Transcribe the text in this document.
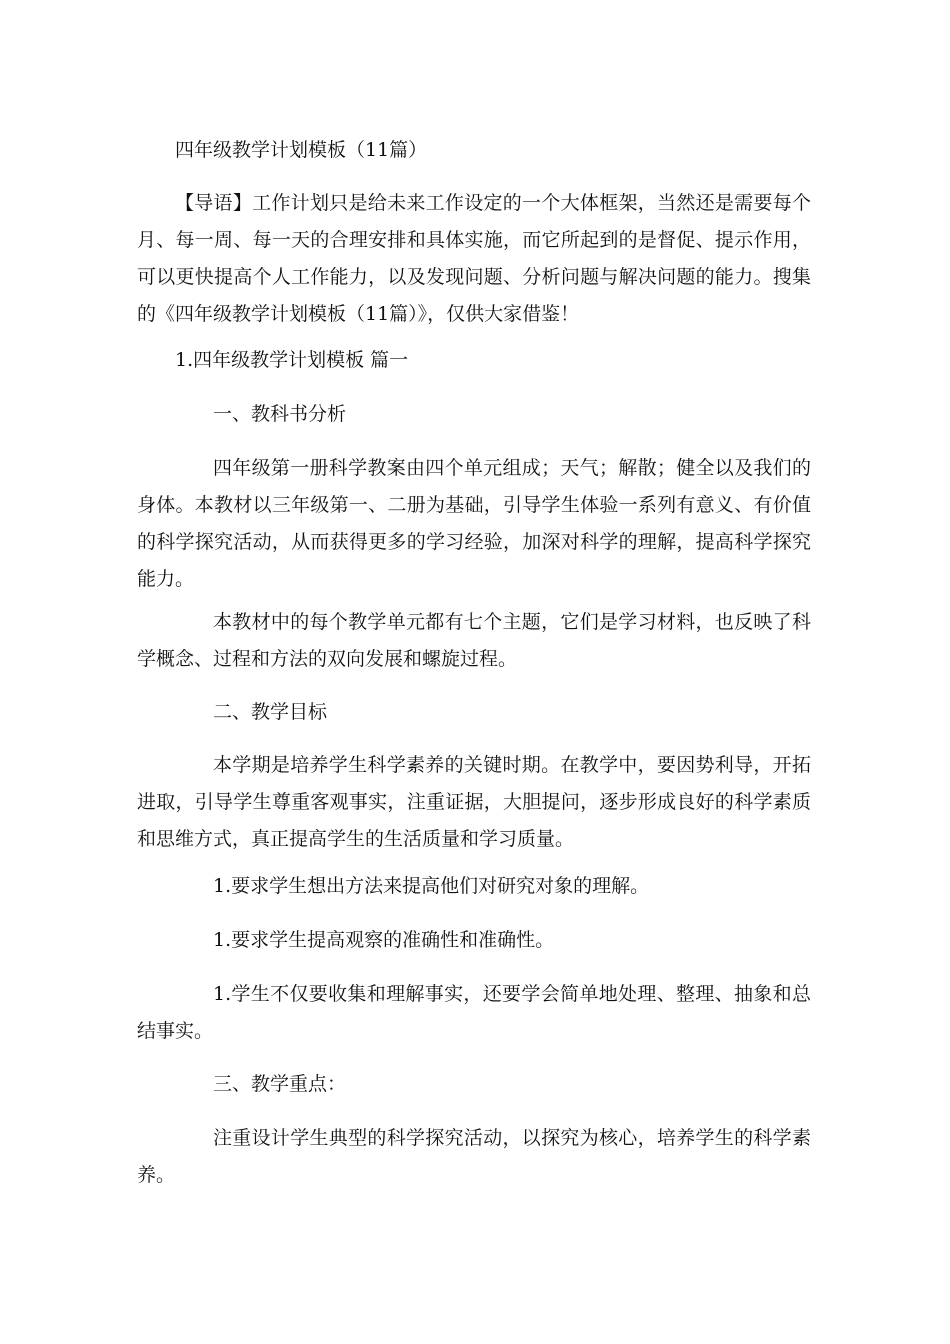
四年级教学计划模板（11篇）

【导语】工作计划只是给未来工作设定的一个大体框架，当然还是需要每个月、每一周、每一天的合理安排和具体实施，而它所起到的是督促、提示作用，可以更快提高个人工作能力，以及发现问题、分析问题与解决问题的能力。搜集的《四年级教学计划模板（11篇）》，仅供大家借鉴！

1.四年级教学计划模板 篇一

一、教科书分析

四年级第一册科学教案由四个单元组成；天气；解散；健全以及我们的身体。本教材以三年级第一、二册为基础，引导学生体验一系列有意义、有价值的科学探究活动，从而获得更多的学习经验，加深对科学的理解，提高科学探究能力。

本教材中的每个教学单元都有七个主题，它们是学习材料，也反映了科学概念、过程和方法的双向发展和螺旋过程。

二、教学目标

本学期是培养学生科学素养的关键时期。在教学中，要因势利导，开拓进取，引导学生尊重客观事实，注重证据，大胆提问，逐步形成良好的科学素质和思维方式，真正提高学生的生活质量和学习质量。

1.要求学生想出方法来提高他们对研究对象的理解。

1.要求学生提高观察的准确性和准确性。

1.学生不仅要收集和理解事实，还要学会简单地处理、整理、抽象和总结事实。

三、教学重点：

注重设计学生典型的科学探究活动，以探究为核心，培养学生的科学素养。
